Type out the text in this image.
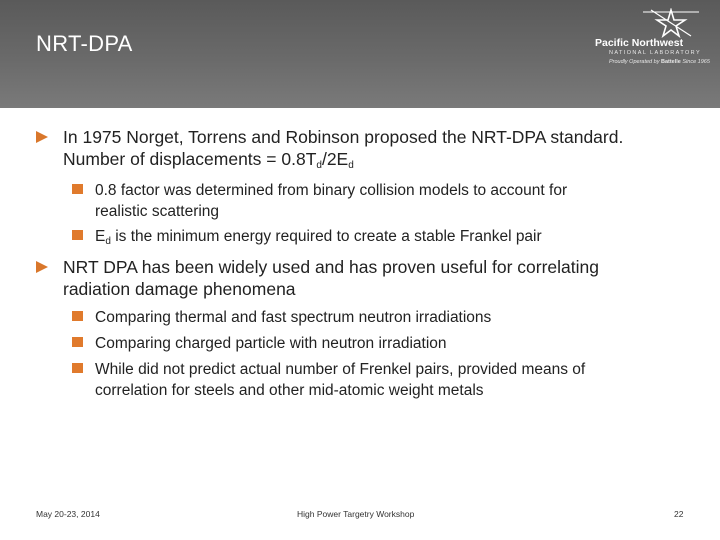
NRT-DPA	Pacific Northwest
NATIONAL LABORATORY
Proudly Operated by Battelle Since 1965
In 1975 Norget, Torrens and Robinson proposed the NRT-DPA standard.
Number of displacements = $0.8T_d/2E_d$
0.8 factor was determined from binary collision models to account for
realistic scattering
$E_d$ is the minimum energy required to create a stable Frankel pair
NRT DPA has been widely used and has proven useful for correlating
radiation damage phenomena
Comparing thermal and fast spectrum neutron irradiations
Comparing charged particle with neutron irradiation
While did not predict actual number of Frenkel pairs, provided means of
correlation for steels and other mid-atomic weight metals
May 20-23, 2014	High Power Targetry Workshop	22
